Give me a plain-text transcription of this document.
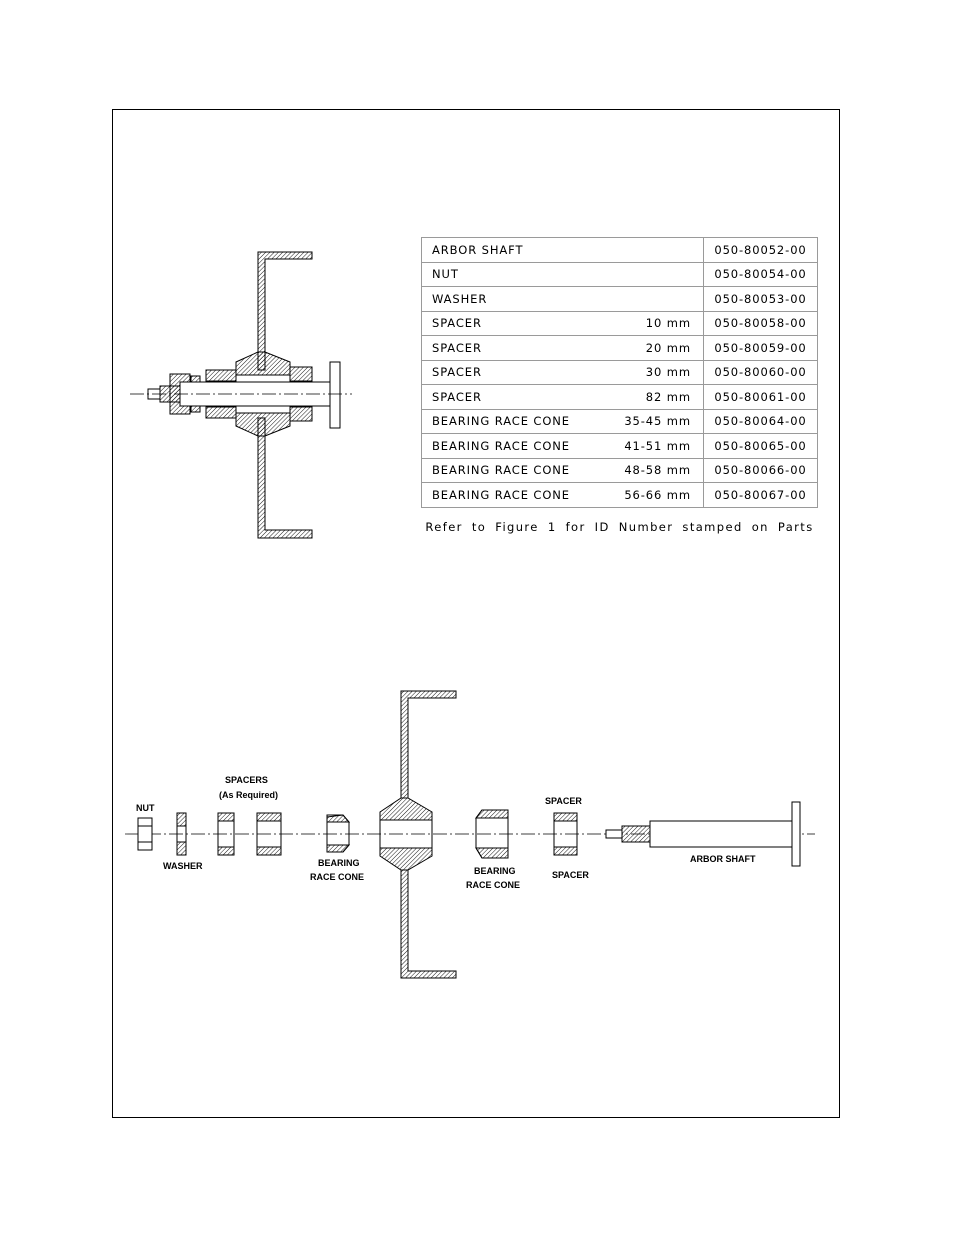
NUT
WASHER
SPACERS
(As Required)
BEARING
RACE CONE
BEARING
RACE CONE
SPACER
SPACER
ARBOR SHAFT
ARBOR SHAFT	050-80052-00
NUT	050-80054-00
WASHER	050-80053-00
SPACER 10 mm	050-80058-00
SPACER 20 mm	050-80059-00
SPACER 30 mm	050-80060-00
SPACER 82 mm	050-80061-00
BEARING RACE CONE 35-45 mm	050-80064-00
BEARING RACE CONE 41-51 mm	050-80065-00
BEARING RACE CONE 48-58 mm	050-80066-00
BEARING RACE CONE 56-66 mm	050-80067-00
Refer to Figure 1 for ID Number stamped on Parts
